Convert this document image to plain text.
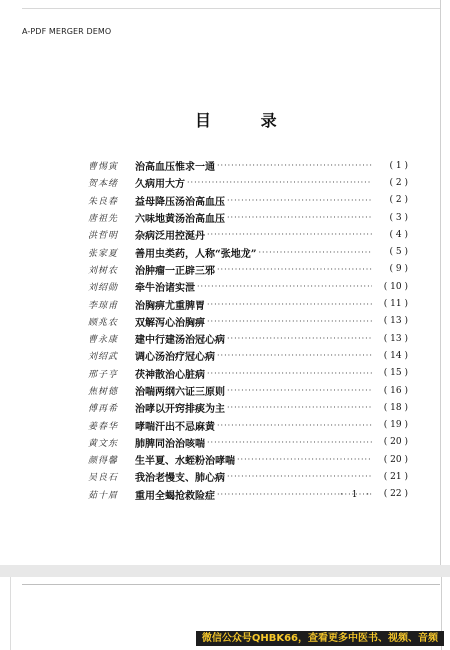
A-PDF MERGER DEMO
目 录
曹惕寅	治高血压惟求一通 ·····	( 1 )
贺本绪	久病用大方 ·····	( 2 )
朱良春	益母降压汤治高血压 ·····	( 2 )
唐祖先	六味地黄汤治高血压 ·····	( 3 )
洪哲明	杂病泛用控涎丹 ·····	( 4 )
张家夏	善用虫类药，人称“张地龙” ·····	( 5 )
刘树农	治肿瘤一正辟三邪 ·····	( 9 )
刘绍勋	牵牛治诸实泄 ·····	( 10 )
李琼甫	治胸痹尤重脾胃 ·····	( 11 )
顾兆农	双解泻心治胸痹 ·····	( 13 )
曹永康	建中行建汤治冠心病 ·····	( 13 )
刘绍武	调心汤治疗冠心病 ·····	( 14 )
邢子亨	茯神散治心脏病 ·····	( 15 )
焦树德	治喘两纲六证三原则 ·····	( 16 )
傅再希	治哮以开窍排痰为主 ·····	( 18 )
姜春华	哮喘汗出不忌麻黄 ·····	( 19 )
黄文东	肺脾同治治咳喘 ·····	( 20 )
颜得馨	生半夏、水蛭粉治哮喘 ·····	( 20 )
吴良石	我治老慢支、肺心病 ·····	( 21 )
茹十眉	重用全蝎抢救险症 ·····	( 22 )
· 1 ·
微信公众号QHBK66，查看更多中医书、视频、音频
